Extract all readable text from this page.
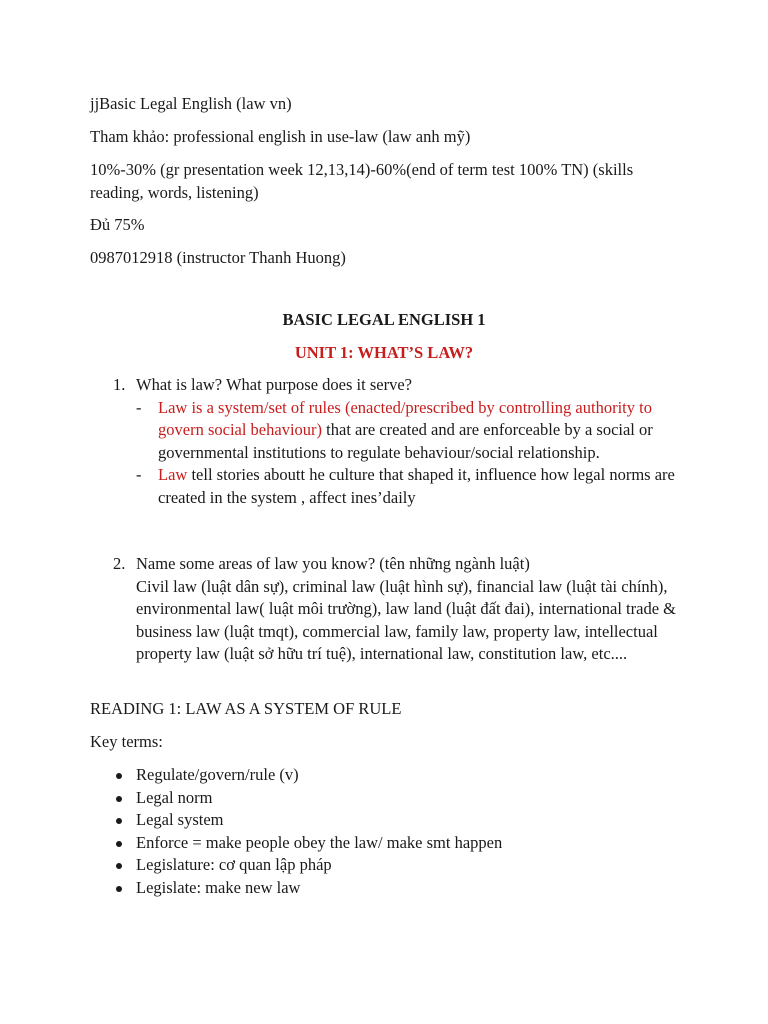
jjBasic Legal English (law vn)

Tham khảo: professional english in use-law (law anh mỹ)

10%-30% (gr presentation week 12,13,14)-60%(end of term test 100% TN) (skills reading, words, listening)

Đủ 75%

0987012918 (instructor Thanh Huong)

BASIC LEGAL ENGLISH 1

UNIT 1: WHAT’S LAW?

1. What is law? What purpose does it serve?
- Law is a system/set of rules (enacted/prescribed by controlling authority to govern social behaviour) that are created and are enforceable by a social or governmental institutions to regulate behaviour/social relationship.
- Law tell stories aboutt he culture that shaped it, influence how legal norms are created in the system , affect ines’daily
2. Name some areas of law you know? (tên những ngành luật)
Civil law (luật dân sự), criminal law (luật hình sự), financial law (luật tài chính), environmental law( luật môi trường), law land (luật đất đai), international trade & business law (luật tmqt), commercial law, family law, property law, intellectual property law (luật sở hữu trí tuệ), international law, constitution law, etc....

READING 1: LAW AS A SYSTEM OF RULE

Key terms:

Regulate/govern/rule (v)
Legal norm
Legal system
Enforce = make people obey the law/ make smt happen
Legislature: cơ quan lập pháp
Legislate: make new law
